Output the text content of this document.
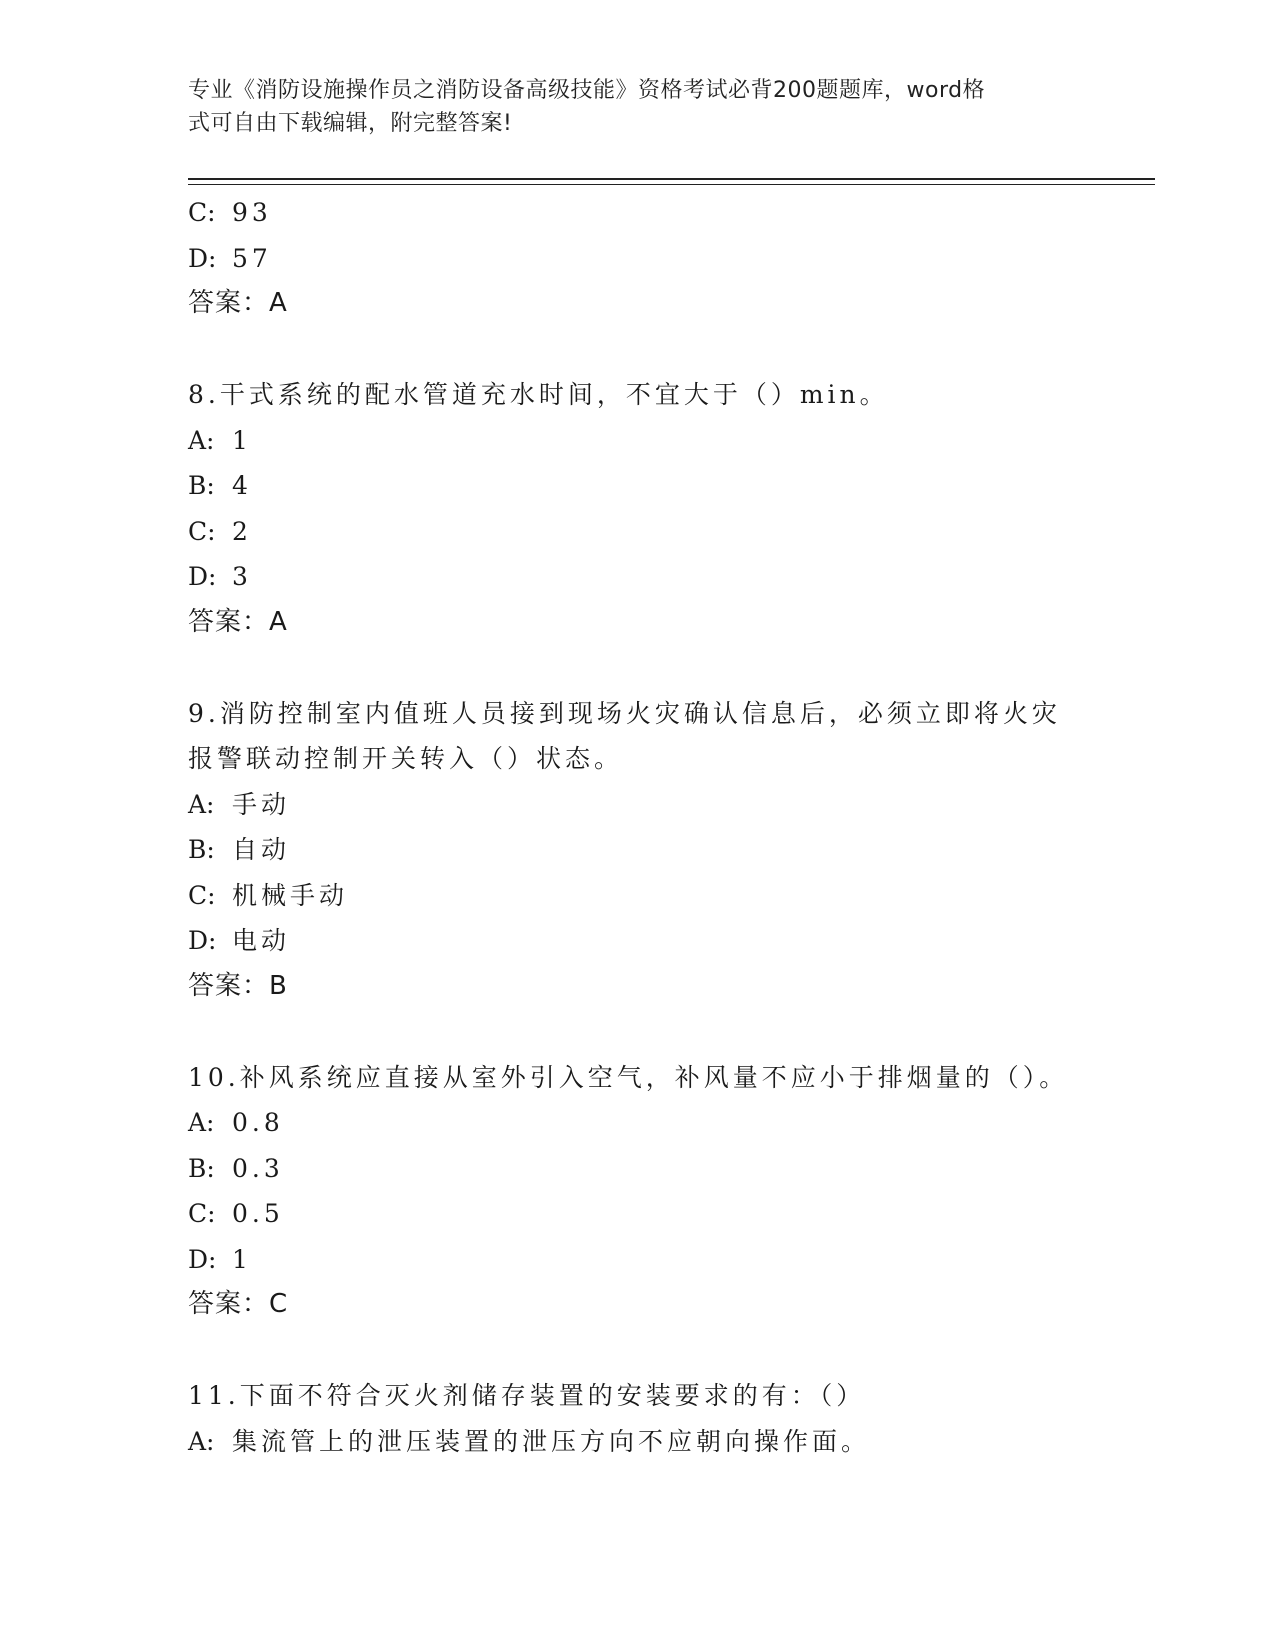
专业《消防设施操作员之消防设备高级技能》资格考试必背200题题库，word格
式可自由下载编辑，附完整答案!
C: 93
D: 57
答案：A
8.干式系统的配水管道充水时间，不宜大于（）min。
A: 1
B: 4
C: 2
D: 3
答案：A
9.消防控制室内值班人员接到现场火灾确认信息后，必须立即将火灾
报警联动控制开关转入（）状态。
A: 手动
B: 自动
C: 机械手动
D: 电动
答案：B
10.补风系统应直接从室外引入空气，补风量不应小于排烟量的（）。
A: 0.8
B: 0.3
C: 0.5
D: 1
答案：C
11.下面不符合灭火剂储存装置的安装要求的有：（）
A: 集流管上的泄压装置的泄压方向不应朝向操作面。
